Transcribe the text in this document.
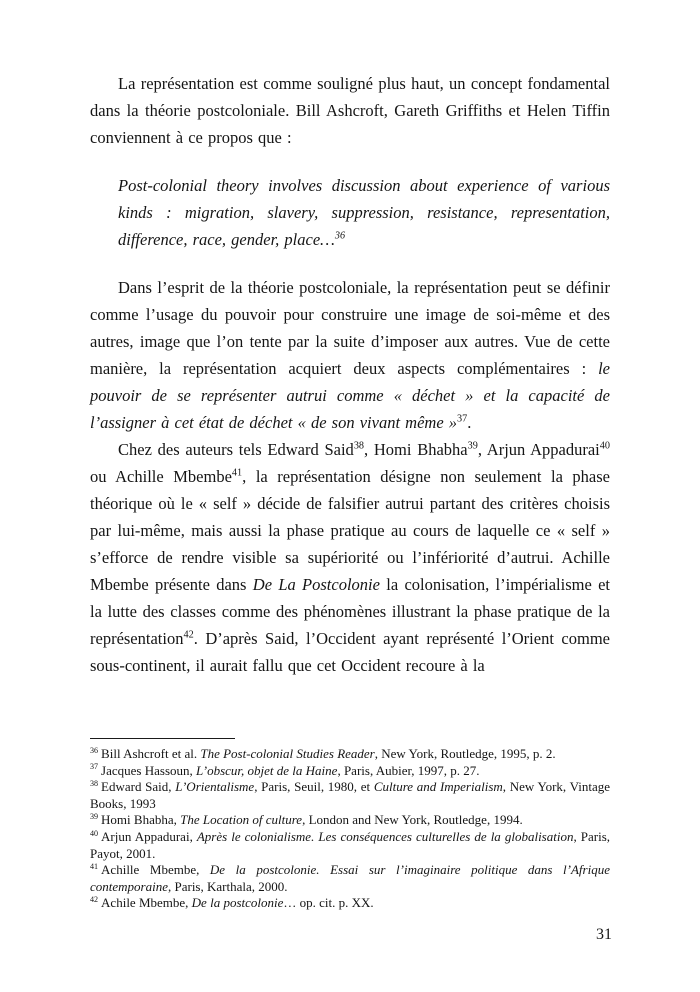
La représentation est comme souligné plus haut, un concept fondamental dans la théorie postcoloniale. Bill Ashcroft, Gareth Griffiths et Helen Tiffin conviennent à ce propos que :

Post-colonial theory involves discussion about experience of various kinds : migration, slavery, suppression, resistance, representation, difference, race, gender, place…$^{36}$

Dans l’esprit de la théorie postcoloniale, la représentation peut se définir comme l’usage du pouvoir pour construire une image de soi-même et des autres, image que l’on tente par la suite d’imposer aux autres. Vue de cette manière, la représentation acquiert deux aspects complémentaires : le pouvoir de se représenter autrui comme « déchet » et la capacité de l’assigner à cet état de déchet « de son vivant même »$^{37}$.

Chez des auteurs tels Edward Said$^{38}$, Homi Bhabha$^{39}$, Arjun Appadurai$^{40}$ ou Achille Mbembe$^{41}$, la représentation désigne non seulement la phase théorique où le « self » décide de falsifier autrui partant des critères choisis par lui-même, mais aussi la phase pratique au cours de laquelle ce « self » s’efforce de rendre visible sa supériorité ou l’infériorité d’autrui. Achille Mbembe présente dans De La Postcolonie la colonisation, l’impérialisme et la lutte des classes comme des phénomènes illustrant la phase pratique de la représentation$^{42}$. D’après Said, l’Occident ayant représenté l’Orient comme sous-continent, il aurait fallu que cet Occident recoure à la

$^{36}$ Bill Ashcroft et al. The Post-colonial Studies Reader, New York, Routledge, 1995, p. 2.

$^{37}$ Jacques Hassoun, L’obscur, objet de la Haine, Paris, Aubier, 1997, p. 27.

$^{38}$ Edward Said, L’Orientalisme, Paris, Seuil, 1980, et Culture and Imperialism, New York, Vintage Books, 1993

$^{39}$ Homi Bhabha, The Location of culture, London and New York, Routledge, 1994.

$^{40}$ Arjun Appadurai, Après le colonialisme. Les conséquences culturelles de la globalisation, Paris, Payot, 2001.

$^{41}$ Achille Mbembe, De la postcolonie. Essai sur l’imaginaire politique dans l’Afrique contemporaine, Paris, Karthala, 2000.

$^{42}$ Achile Mbembe, De la postcolonie… op. cit. p. XX.

31
